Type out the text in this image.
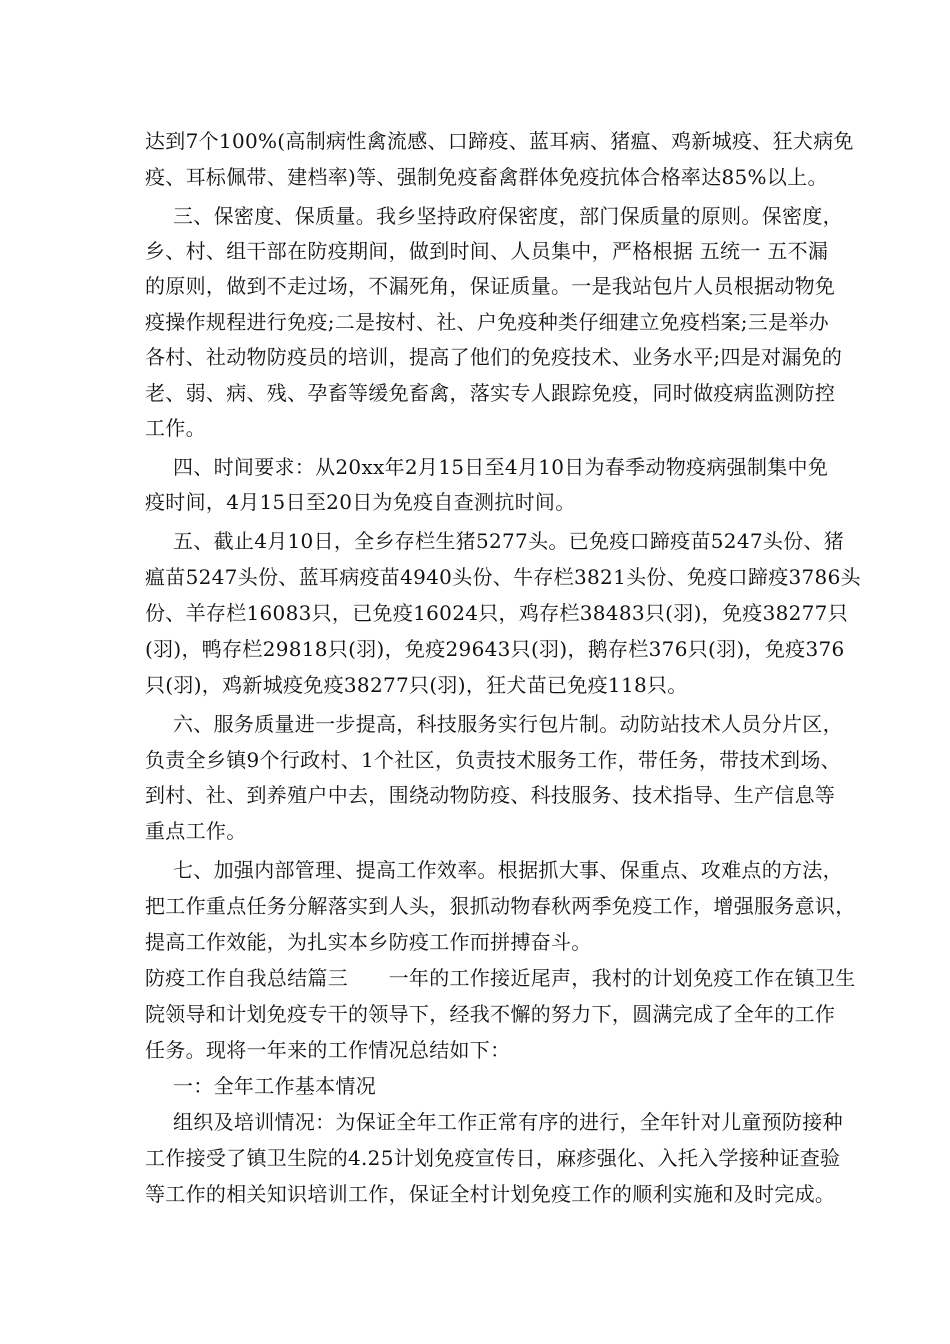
达到7个100%(高制病性禽流感、口蹄疫、蓝耳病、猪瘟、鸡新城疫、狂犬病免
疫、耳标佩带、建档率)等、强制免疫畜禽群体免疫抗体合格率达85%以上。
三、保密度、保质量。我乡坚持政府保密度，部门保质量的原则。保密度，
乡、村、组干部在防疫期间，做到时间、人员集中，严格根据 五统一 五不漏
的原则，做到不走过场，不漏死角，保证质量。一是我站包片人员根据动物免
疫操作规程进行免疫;二是按村、社、户免疫种类仔细建立免疫档案;三是举办
各村、社动物防疫员的培训，提高了他们的免疫技术、业务水平;四是对漏免的
老、弱、病、残、孕畜等缓免畜禽，落实专人跟踪免疫，同时做疫病监测防控
工作。
四、时间要求：从20xx年2月15日至4月10日为春季动物疫病强制集中免
疫时间，4月15日至20日为免疫自查测抗时间。
五、截止4月10日，全乡存栏生猪5277头。已免疫口蹄疫苗5247头份、猪
瘟苗5247头份、蓝耳病疫苗4940头份、牛存栏3821头份、免疫口蹄疫3786头
份、羊存栏16083只，已免疫16024只，鸡存栏38483只(羽)，免疫38277只
(羽)，鸭存栏29818只(羽)，免疫29643只(羽)，鹅存栏376只(羽)，免疫376
只(羽)，鸡新城疫免疫38277只(羽)，狂犬苗已免疫118只。
六、服务质量进一步提高，科技服务实行包片制。动防站技术人员分片区，
负责全乡镇9个行政村、1个社区，负责技术服务工作，带任务，带技术到场、
到村、社、到养殖户中去，围绕动物防疫、科技服务、技术指导、生产信息等
重点工作。
七、加强内部管理、提高工作效率。根据抓大事、保重点、攻难点的方法，
把工作重点任务分解落实到人头，狠抓动物春秋两季免疫工作，增强服务意识，
提高工作效能，为扎实本乡防疫工作而拼搏奋斗。
防疫工作自我总结篇三　　一年的工作接近尾声，我村的计划免疫工作在镇卫生
院领导和计划免疫专干的领导下，经我不懈的努力下，圆满完成了全年的工作
任务。现将一年来的工作情况总结如下：
一：全年工作基本情况
组织及培训情况：为保证全年工作正常有序的进行，全年针对儿童预防接种
工作接受了镇卫生院的4.25计划免疫宣传日，麻疹强化、入托入学接种证查验
等工作的相关知识培训工作，保证全村计划免疫工作的顺利实施和及时完成。
